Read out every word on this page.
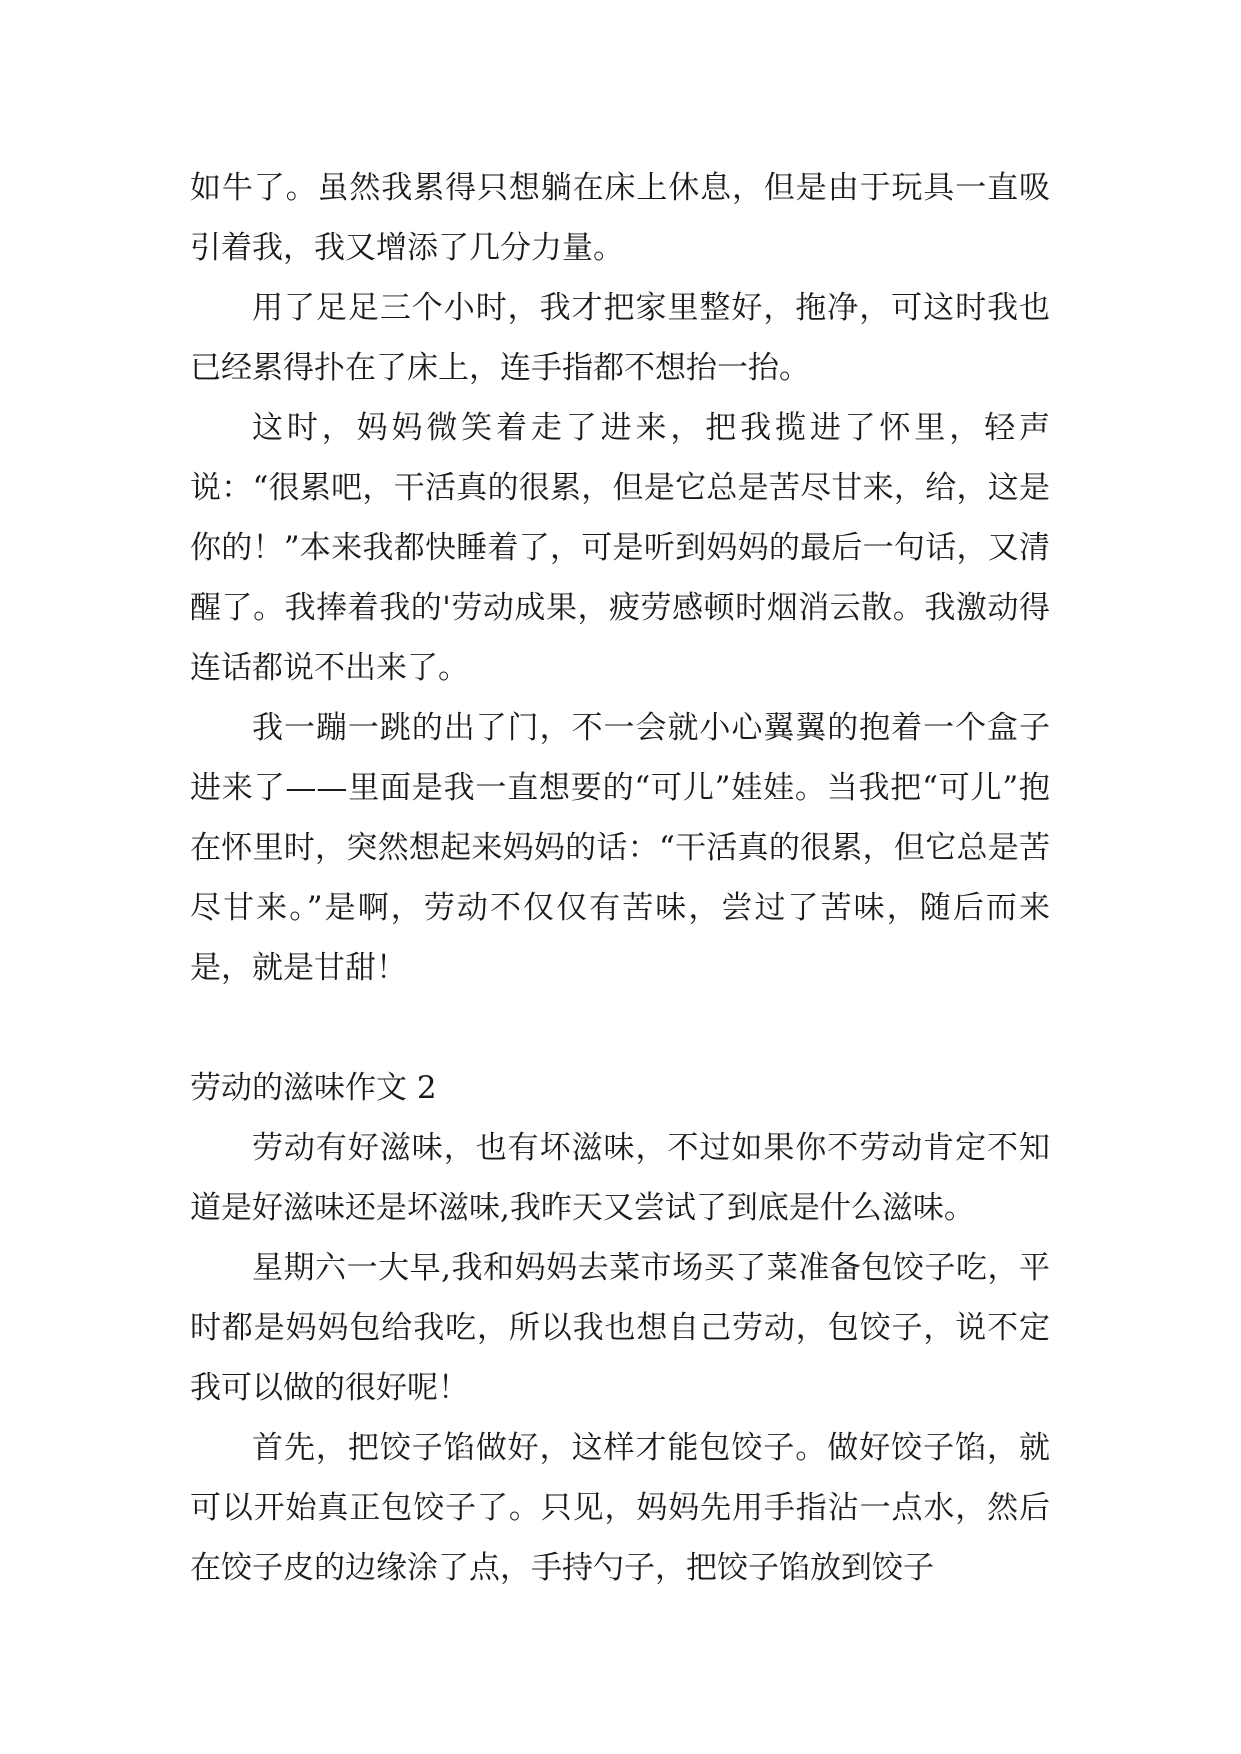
如牛了。虽然我累得只想躺在床上休息，但是由于玩具一直吸引着我，我又增添了几分力量。

用了足足三个小时，我才把家里整好，拖净，可这时我也已经累得扑在了床上，连手指都不想抬一抬。

这时，妈妈微笑着走了进来，把我揽进了怀里，轻声说：“很累吧，干活真的很累，但是它总是苦尽甘来，给，这是你的！”本来我都快睡着了，可是听到妈妈的最后一句话，又清醒了。我捧着我的'劳动成果，疲劳感顿时烟消云散。我激动得连话都说不出来了。

我一蹦一跳的出了门，不一会就小心翼翼的抱着一个盒子进来了——里面是我一直想要的“可儿”娃娃。当我把“可儿”抱在怀里时，突然想起来妈妈的话：“干活真的很累，但它总是苦尽甘来。”是啊，劳动不仅仅有苦味，尝过了苦味，随后而来是，就是甘甜！

劳动的滋味作文 2

劳动有好滋味，也有坏滋味，不过如果你不劳动肯定不知道是好滋味还是坏滋味,我昨天又尝试了到底是什么滋味。

星期六一大早,我和妈妈去菜市场买了菜准备包饺子吃，平时都是妈妈包给我吃，所以我也想自己劳动，包饺子，说不定我可以做的很好呢！

首先，把饺子馅做好，这样才能包饺子。做好饺子馅，就可以开始真正包饺子了。只见，妈妈先用手指沾一点水，然后在饺子皮的边缘涂了点，手持勺子，把饺子馅放到饺子
